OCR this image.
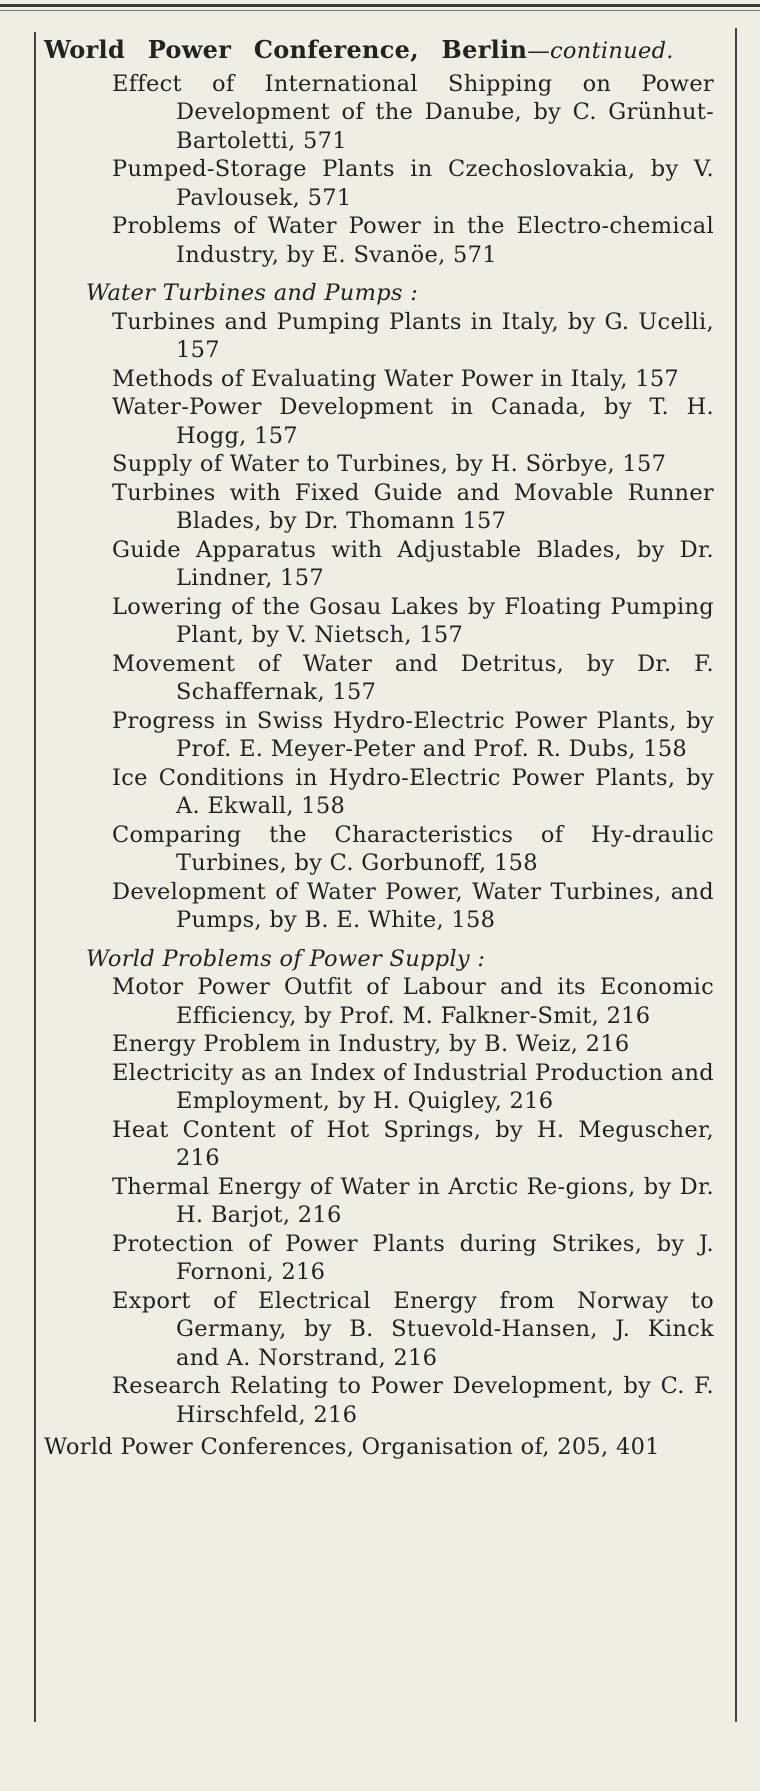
World Power Conference, Berlin—continued.
Effect of International Shipping on Power Development of the Danube, by C. Grünhut-Bartoletti, 571
Pumped-Storage Plants in Czechoslovakia, by V. Pavlousek, 571
Problems of Water Power in the Electro-chemical Industry, by E. Svanöe, 571
Water Turbines and Pumps :
Turbines and Pumping Plants in Italy, by G. Ucelli, 157
Methods of Evaluating Water Power in Italy, 157
Water-Power Development in Canada, by T. H. Hogg, 157
Supply of Water to Turbines, by H. Sörbye, 157
Turbines with Fixed Guide and Movable Runner Blades, by Dr. Thomann 157
Guide Apparatus with Adjustable Blades, by Dr. Lindner, 157
Lowering of the Gosau Lakes by Floating Pumping Plant, by V. Nietsch, 157
Movement of Water and Detritus, by Dr. F. Schaffernak, 157
Progress in Swiss Hydro-Electric Power Plants, by Prof. E. Meyer-Peter and Prof. R. Dubs, 158
Ice Conditions in Hydro-Electric Power Plants, by A. Ekwall, 158
Comparing the Characteristics of Hy-draulic Turbines, by C. Gorbunoff, 158
Development of Water Power, Water Turbines, and Pumps, by B. E. White, 158
World Problems of Power Supply :
Motor Power Outfit of Labour and its Economic Efficiency, by Prof. M. Falkner-Smit, 216
Energy Problem in Industry, by B. Weiz, 216
Electricity as an Index of Industrial Production and Employment, by H. Quigley, 216
Heat Content of Hot Springs, by H. Meguscher, 216
Thermal Energy of Water in Arctic Re-gions, by Dr. H. Barjot, 216
Protection of Power Plants during Strikes, by J. Fornoni, 216
Export of Electrical Energy from Norway to Germany, by B. Stuevold-Hansen, J. Kinck and A. Norstrand, 216
Research Relating to Power Development, by C. F. Hirschfeld, 216
World Power Conferences, Organisation of, 205, 401
